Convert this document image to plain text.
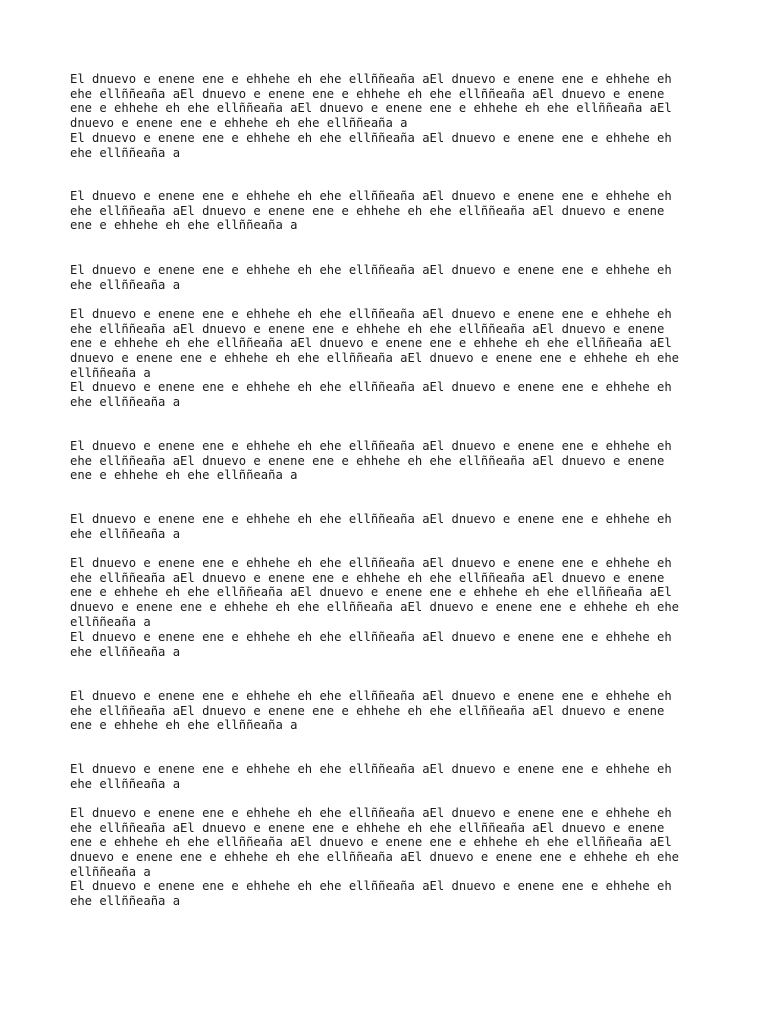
El dnuevo e enene ene e ehhehe eh ehe ellññeaña aEl dnuevo e enene ene e ehhehe eh
ehe ellññeaña aEl dnuevo e enene ene e ehhehe eh ehe ellññeaña aEl dnuevo e enene
ene e ehhehe eh ehe ellññeaña aEl dnuevo e enene ene e ehhehe eh ehe ellññeaña aEl
dnuevo e enene ene e ehhehe eh ehe ellññeaña a

El dnuevo e enene ene e ehhehe eh ehe ellññeaña aEl dnuevo e enene ene e ehhehe eh
ehe ellññeaña a

El dnuevo e enene ene e ehhehe eh ehe ellññeaña aEl dnuevo e enene ene e ehhehe eh
ehe ellññeaña aEl dnuevo e enene ene e ehhehe eh ehe ellññeaña aEl dnuevo e enene
ene e ehhehe eh ehe ellññeaña a

El dnuevo e enene ene e ehhehe eh ehe ellññeaña aEl dnuevo e enene ene e ehhehe eh
ehe ellññeaña a

El dnuevo e enene ene e ehhehe eh ehe ellññeaña aEl dnuevo e enene ene e ehhehe eh
ehe ellññeaña aEl dnuevo e enene ene e ehhehe eh ehe ellññeaña aEl dnuevo e enene
ene e ehhehe eh ehe ellññeaña aEl dnuevo e enene ene e ehhehe eh ehe ellññeaña aEl
dnuevo e enene ene e ehhehe eh ehe ellññeaña aEl dnuevo e enene ene e ehhehe eh ehe
ellññeaña a

El dnuevo e enene ene e ehhehe eh ehe ellññeaña aEl dnuevo e enene ene e ehhehe eh
ehe ellññeaña a

El dnuevo e enene ene e ehhehe eh ehe ellññeaña aEl dnuevo e enene ene e ehhehe eh
ehe ellññeaña aEl dnuevo e enene ene e ehhehe eh ehe ellññeaña aEl dnuevo e enene
ene e ehhehe eh ehe ellññeaña a

El dnuevo e enene ene e ehhehe eh ehe ellññeaña aEl dnuevo e enene ene e ehhehe eh
ehe ellññeaña a

El dnuevo e enene ene e ehhehe eh ehe ellññeaña aEl dnuevo e enene ene e ehhehe eh
ehe ellññeaña aEl dnuevo e enene ene e ehhehe eh ehe ellññeaña aEl dnuevo e enene
ene e ehhehe eh ehe ellññeaña aEl dnuevo e enene ene e ehhehe eh ehe ellññeaña aEl
dnuevo e enene ene e ehhehe eh ehe ellññeaña aEl dnuevo e enene ene e ehhehe eh ehe
ellññeaña a

El dnuevo e enene ene e ehhehe eh ehe ellññeaña aEl dnuevo e enene ene e ehhehe eh
ehe ellññeaña a

El dnuevo e enene ene e ehhehe eh ehe ellññeaña aEl dnuevo e enene ene e ehhehe eh
ehe ellññeaña aEl dnuevo e enene ene e ehhehe eh ehe ellññeaña aEl dnuevo e enene
ene e ehhehe eh ehe ellññeaña a

El dnuevo e enene ene e ehhehe eh ehe ellññeaña aEl dnuevo e enene ene e ehhehe eh
ehe ellññeaña a

El dnuevo e enene ene e ehhehe eh ehe ellññeaña aEl dnuevo e enene ene e ehhehe eh
ehe ellññeaña aEl dnuevo e enene ene e ehhehe eh ehe ellññeaña aEl dnuevo e enene
ene e ehhehe eh ehe ellññeaña aEl dnuevo e enene ene e ehhehe eh ehe ellññeaña aEl
dnuevo e enene ene e ehhehe eh ehe ellññeaña aEl dnuevo e enene ene e ehhehe eh ehe
ellññeaña a

El dnuevo e enene ene e ehhehe eh ehe ellññeaña aEl dnuevo e enene ene e ehhehe eh
ehe ellññeaña a
